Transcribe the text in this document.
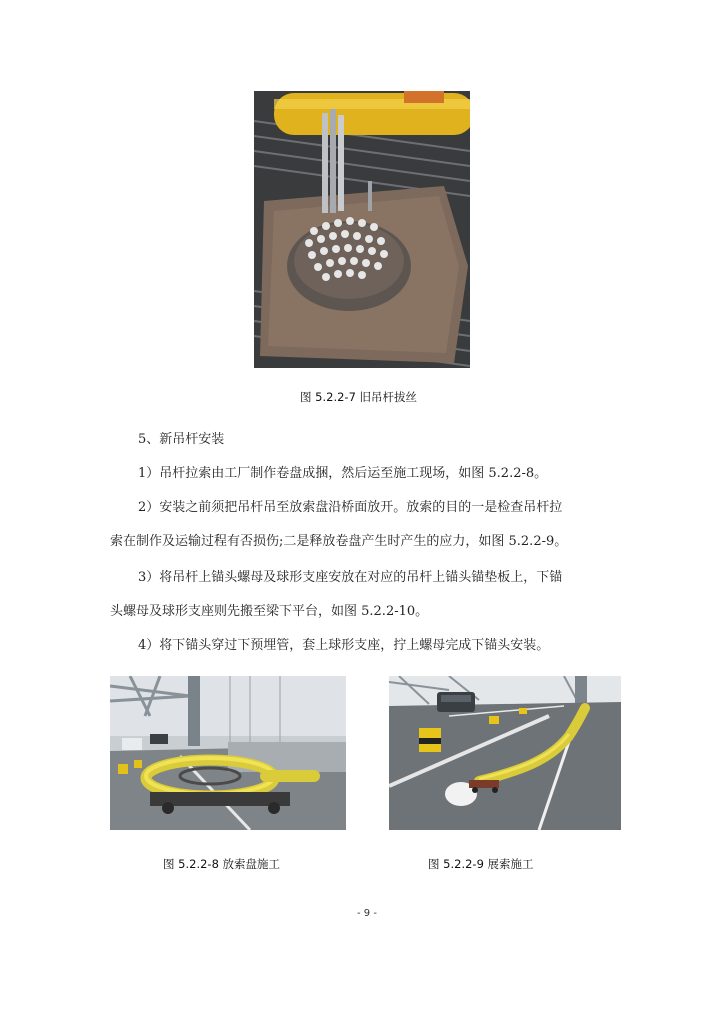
图 5.2.2-7 旧吊杆拔丝
5、新吊杆安装
1）吊杆拉索由工厂制作卷盘成捆，然后运至施工现场，如图 5.2.2-8。
2）安装之前须把吊杆吊至放索盘沿桥面放开。放索的目的一是检查吊杆拉
索在制作及运输过程有否损伤;二是释放卷盘产生时产生的应力，如图 5.2.2-9。
3）将吊杆上锚头螺母及球形支座安放在对应的吊杆上锚头锚垫板上，下锚
头螺母及球形支座则先搬至梁下平台，如图 5.2.2-10。
4）将下锚头穿过下预埋管，套上球形支座，拧上螺母完成下锚头安装。
图 5.2.2-8 放索盘施工	图 5.2.2-9 展索施工
- 9 -
